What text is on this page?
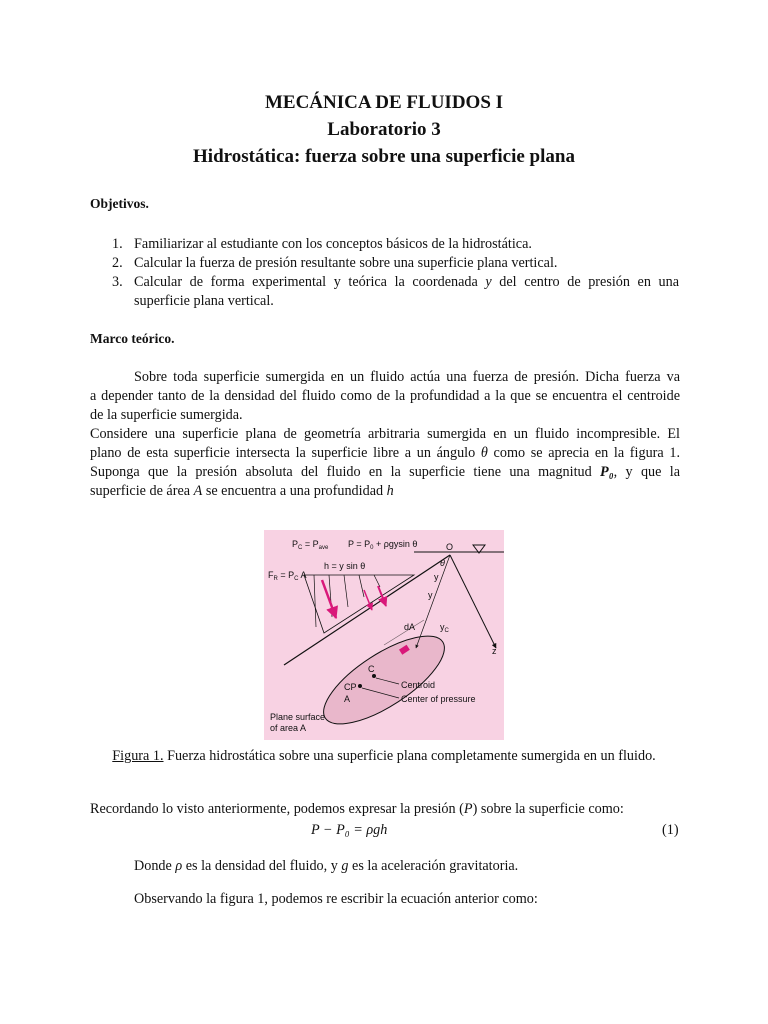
MECÁNICA DE FLUIDOS I
Laboratorio 3
Hidrostática: fuerza sobre una superficie plana
Objetivos.
1. Familiarizar al estudiante con los conceptos básicos de la hidrostática.
2. Calcular la fuerza de presión resultante sobre una superficie plana vertical.
3. Calcular de forma experimental y teórica la coordenada y del centro de presión en una
superficie plana vertical.
Marco teórico.
Sobre toda superficie sumergida en un fluido actúa una fuerza de presión. Dicha fuerza va
a depender tanto de la densidad del fluido como de la profundidad a la que se encuentra el centroide
de la superficie sumergida.
Considere una superficie plana de geometría arbitraria sumergida en un fluido incompresible. El
plano de esta superficie intersecta la superficie libre a un ángulo θ como se aprecia en la figura 1.
Suponga que la presión absoluta del fluido en la superficie tiene una magnitud P₀, y que la
superficie de área A se encuentra a una profundidad h
$P_C = P_{ave}$ $P = P_0 + \rho gysin$ θ	O
$F_R = P_C$ A
h = y sin θ	θ
y
y
dA	$y_C$
z
C
CP
A
Centroid
Center of pressure
Plane surface
of area A
Figura 1. Fuerza hidrostática sobre una superficie plana completamente sumergida en un fluido.
Recordando lo visto anteriormente, podemos expresar la presión (P) sobre la superficie como:
P − P₀ = ρgh	(1)
Donde ρ es la densidad del fluido, y g es la aceleración gravitatoria.
Observando la figura 1, podemos re escribir la ecuación anterior como:
